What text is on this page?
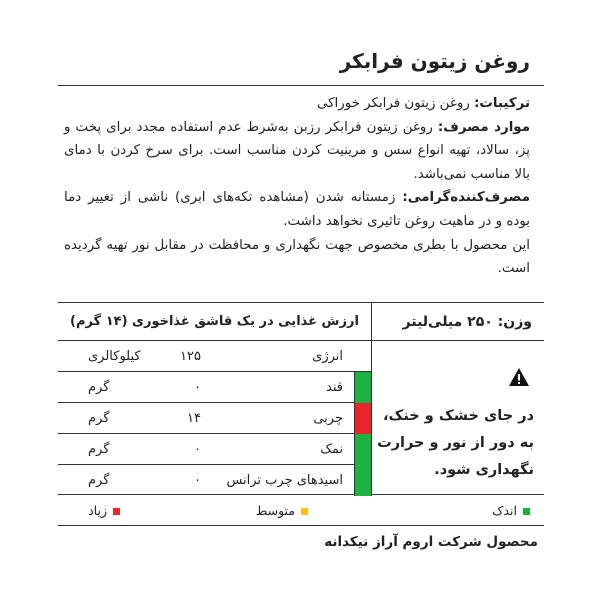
روغن زیتون فرابکر

ترکیبات: روغن زیتون فرابکر خوراکی

موارد مصرف: روغن زیتون فرابکر رزبن به‌شرط عدم استفاده مجدد برای پخت و پز، سالاد، تهیه انواع سس و مرینیت کردن مناسب است. برای سرخ کردن با دمای بالا مناسب نمی‌باشد.

مصرف‌کننده‌گرامی: زمستانه شدن (مشاهده تکه‌های ابری) ناشی از تغییر دما بوده و در ماهیت روغن تاثیری نخواهد داشت.

این محصول با بطری مخصوص جهت نگهداری و محافظت در مقابل نور تهیه گردیده است.

وزن: ۲۵۰ میلی‌لیتر
در جای خشک و خنک، به دور از نور و حرارت نگهداری شود.
ارزش غذایی در یک قاشق غذاخوری (۱۴ گرم)
انرژی
۱۲۵
کیلوکالری
قند
۰
گرم
چربی
۱۴
گرم
نمک
۰
گرم
اسیدهای چرب ترانس
۰
گرم
اندک
متوسط
زیاد
محصول شرکت اروم آراز نیکدانه
